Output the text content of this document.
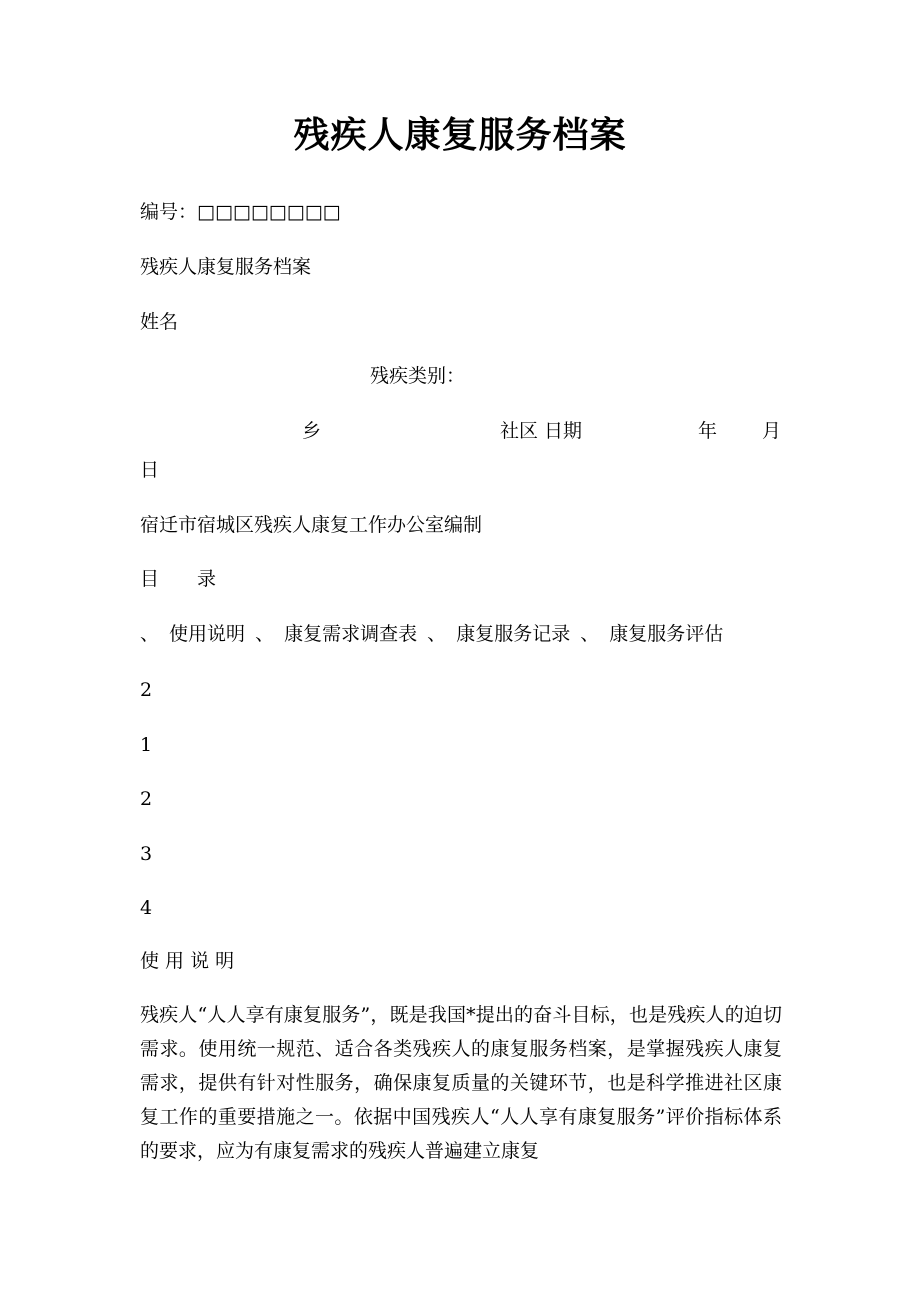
残疾人康复服务档案
编号：□□□□□□□□
残疾人康复服务档案
姓名
残疾类别：
乡	社区 日期	年 月
日
宿迁市宿城区残疾人康复工作办公室编制
目　　录
、 使用说明 、 康复需求调查表 、 康复服务记录 、 康复服务评估
2
1
2
3
4
使 用 说 明
残疾人“人人享有康复服务”，既是我国*提出的奋斗目标，也是残疾人的迫切需求。使用统一规范、适合各类残疾人的康复服务档案，是掌握残疾人康复需求，提供有针对性服务，确保康复质量的关键环节，也是科学推进社区康复工作的重要措施之一。依据中国残疾人“人人享有康复服务”评价指标体系的要求，应为有康复需求的残疾人普遍建立康复
